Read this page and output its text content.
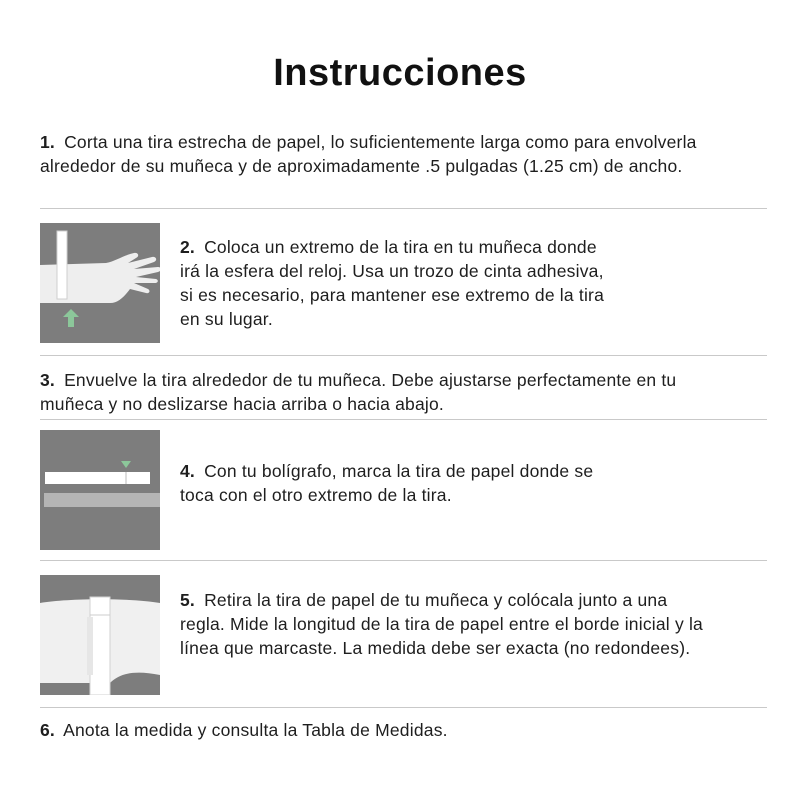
Instrucciones
1. Corta una tira estrecha de papel, lo suficientemente larga como para envolverla alrededor de su muñeca y de aproximadamente .5 pulgadas (1.25 cm) de ancho.
2. Coloca un extremo de la tira en tu muñeca donde irá la esfera del reloj. Usa un trozo de cinta adhesiva, si es necesario, para mantener ese extremo de la tira en su lugar.
3. Envuelve la tira alrededor de tu muñeca. Debe ajustarse perfectamente en tu muñeca y no deslizarse hacia arriba o hacia abajo.
4. Con tu bolígrafo, marca la tira de papel donde se toca con el otro extremo de la tira.
5. Retira la tira de papel de tu muñeca y colócala junto a una regla. Mide la longitud de la tira de papel entre el borde inicial y la línea que marcaste. La medida debe ser exacta (no redondees).
6. Anota la medida y consulta la Tabla de Medidas.
